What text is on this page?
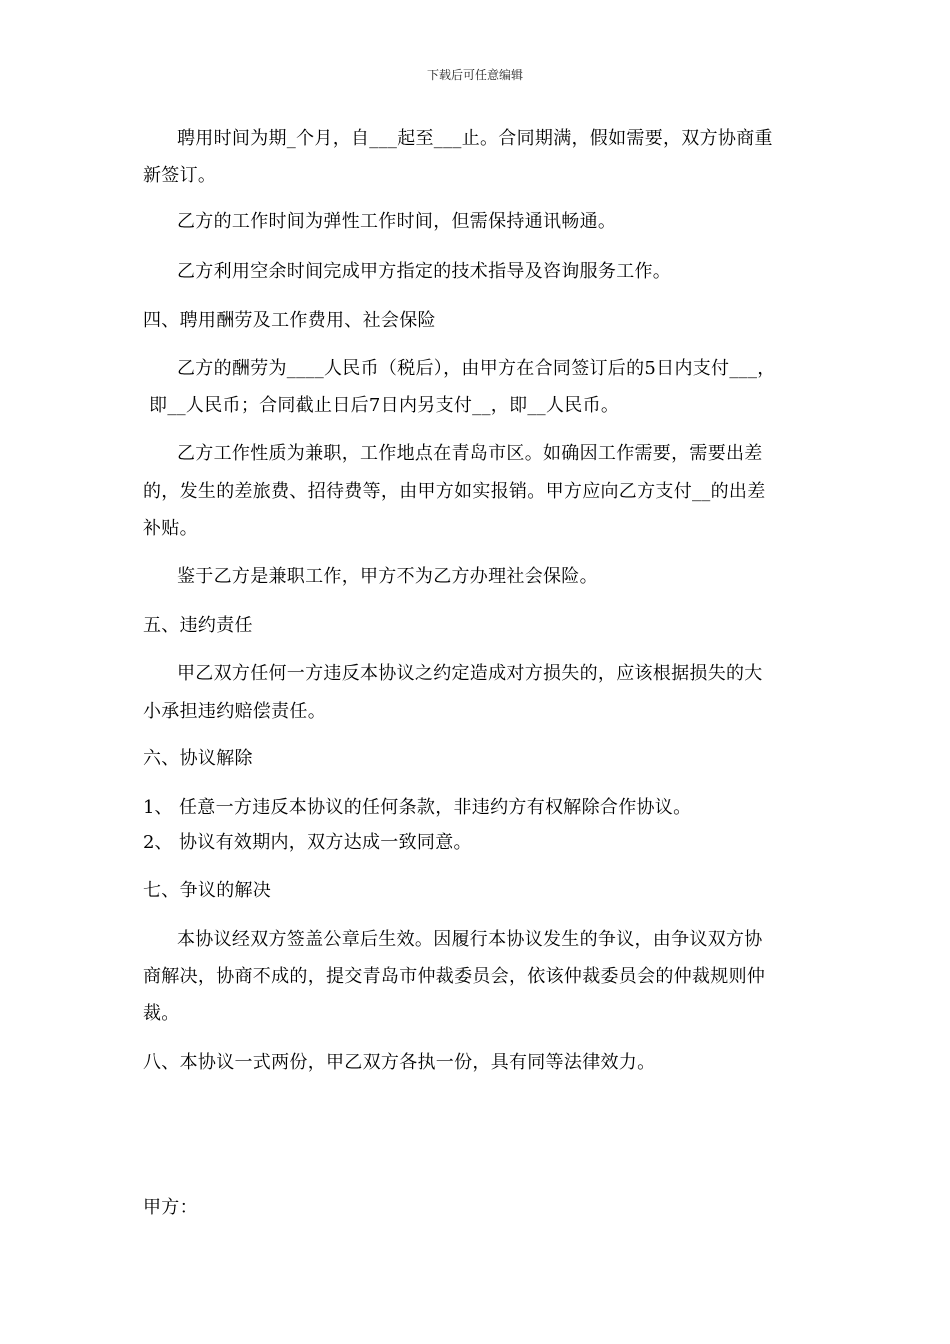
下载后可任意编辑
聘用时间为期_个月，自___起至___止。合同期满，假如需要，双方协商重
新签订。
乙方的工作时间为弹性工作时间，但需保持通讯畅通。
乙方利用空余时间完成甲方指定的技术指导及咨询服务工作。
四、聘用酬劳及工作费用、社会保险
乙方的酬劳为____人民币（税后），由甲方在合同签订后的5日内支付___，
即__人民币；合同截止日后7日内另支付__，即__人民币。
乙方工作性质为兼职，工作地点在青岛市区。如确因工作需要，需要出差
的，发生的差旅费、招待费等，由甲方如实报销。甲方应向乙方支付__的出差
补贴。
鉴于乙方是兼职工作，甲方不为乙方办理社会保险。
五、违约责任
甲乙双方任何一方违反本协议之约定造成对方损失的，应该根据损失的大
小承担违约赔偿责任。
六、协议解除
1、 任意一方违反本协议的任何条款，非违约方有权解除合作协议。
2、 协议有效期内，双方达成一致同意。
七、争议的解决
本协议经双方签盖公章后生效。因履行本协议发生的争议，由争议双方协
商解决，协商不成的，提交青岛市仲裁委员会，依该仲裁委员会的仲裁规则仲
裁。
八、本协议一式两份，甲乙双方各执一份，具有同等法律效力。
甲方：
